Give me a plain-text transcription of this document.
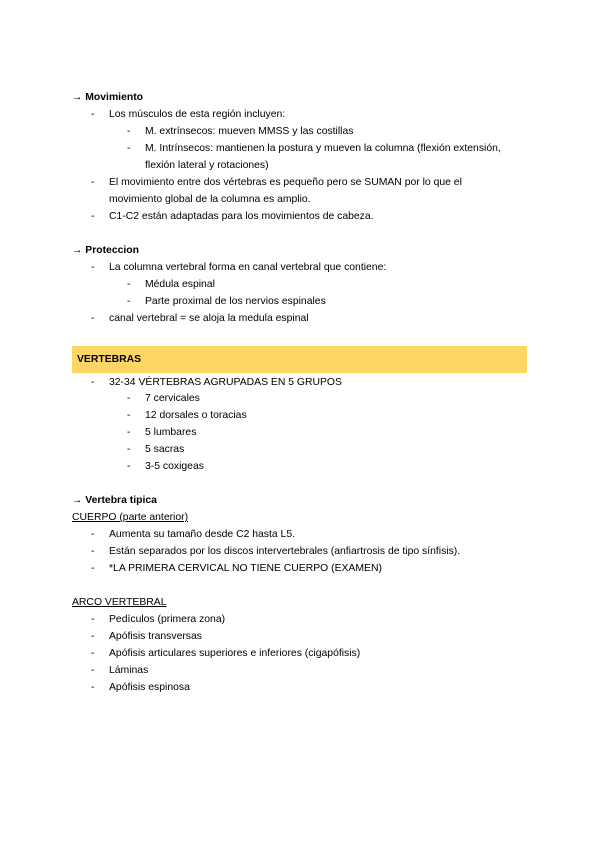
→ Movimiento
- Los músculos de esta región incluyen:
- M. extrínsecos: mueven MMSS y las costillas
- M. Intrínsecos: mantienen la postura y mueven la columna (flexión extensión,
flexión lateral y rotaciones)
- El movimiento entre dos vértebras es pequeño pero se SUMAN por lo que el
movimiento global de la columna es amplio.
- C1-C2 están adaptadas para los movimientos de cabeza.
→ Proteccion
- La columna vertebral forma en canal vertebral que contiene:
- Médula espinal
- Parte proximal de los nervios espinales
- canal vertebral = se aloja la medula espinal
VERTEBRAS
- 32-34 VÉRTEBRAS AGRUPADAS EN 5 GRUPOS
- 7 cervicales
- 12 dorsales o toracias
- 5 lumbares
- 5 sacras
- 3-5 coxigeas
→ Vertebra tipica
CUERPO (parte anterior)
- Aumenta su tamaño desde C2 hasta L5.
- Están separados por los discos intervertebrales (anfiartrosis de tipo sínfisis).
- *LA PRIMERA CERVICAL NO TIENE CUERPO (EXAMEN)
ARCO VERTEBRAL
- Pedículos (primera zona)
- Apófisis transversas
- Apófisis articulares superiores e inferiores (cigapófisis)
- Láminas
- Apófisis espinosa
